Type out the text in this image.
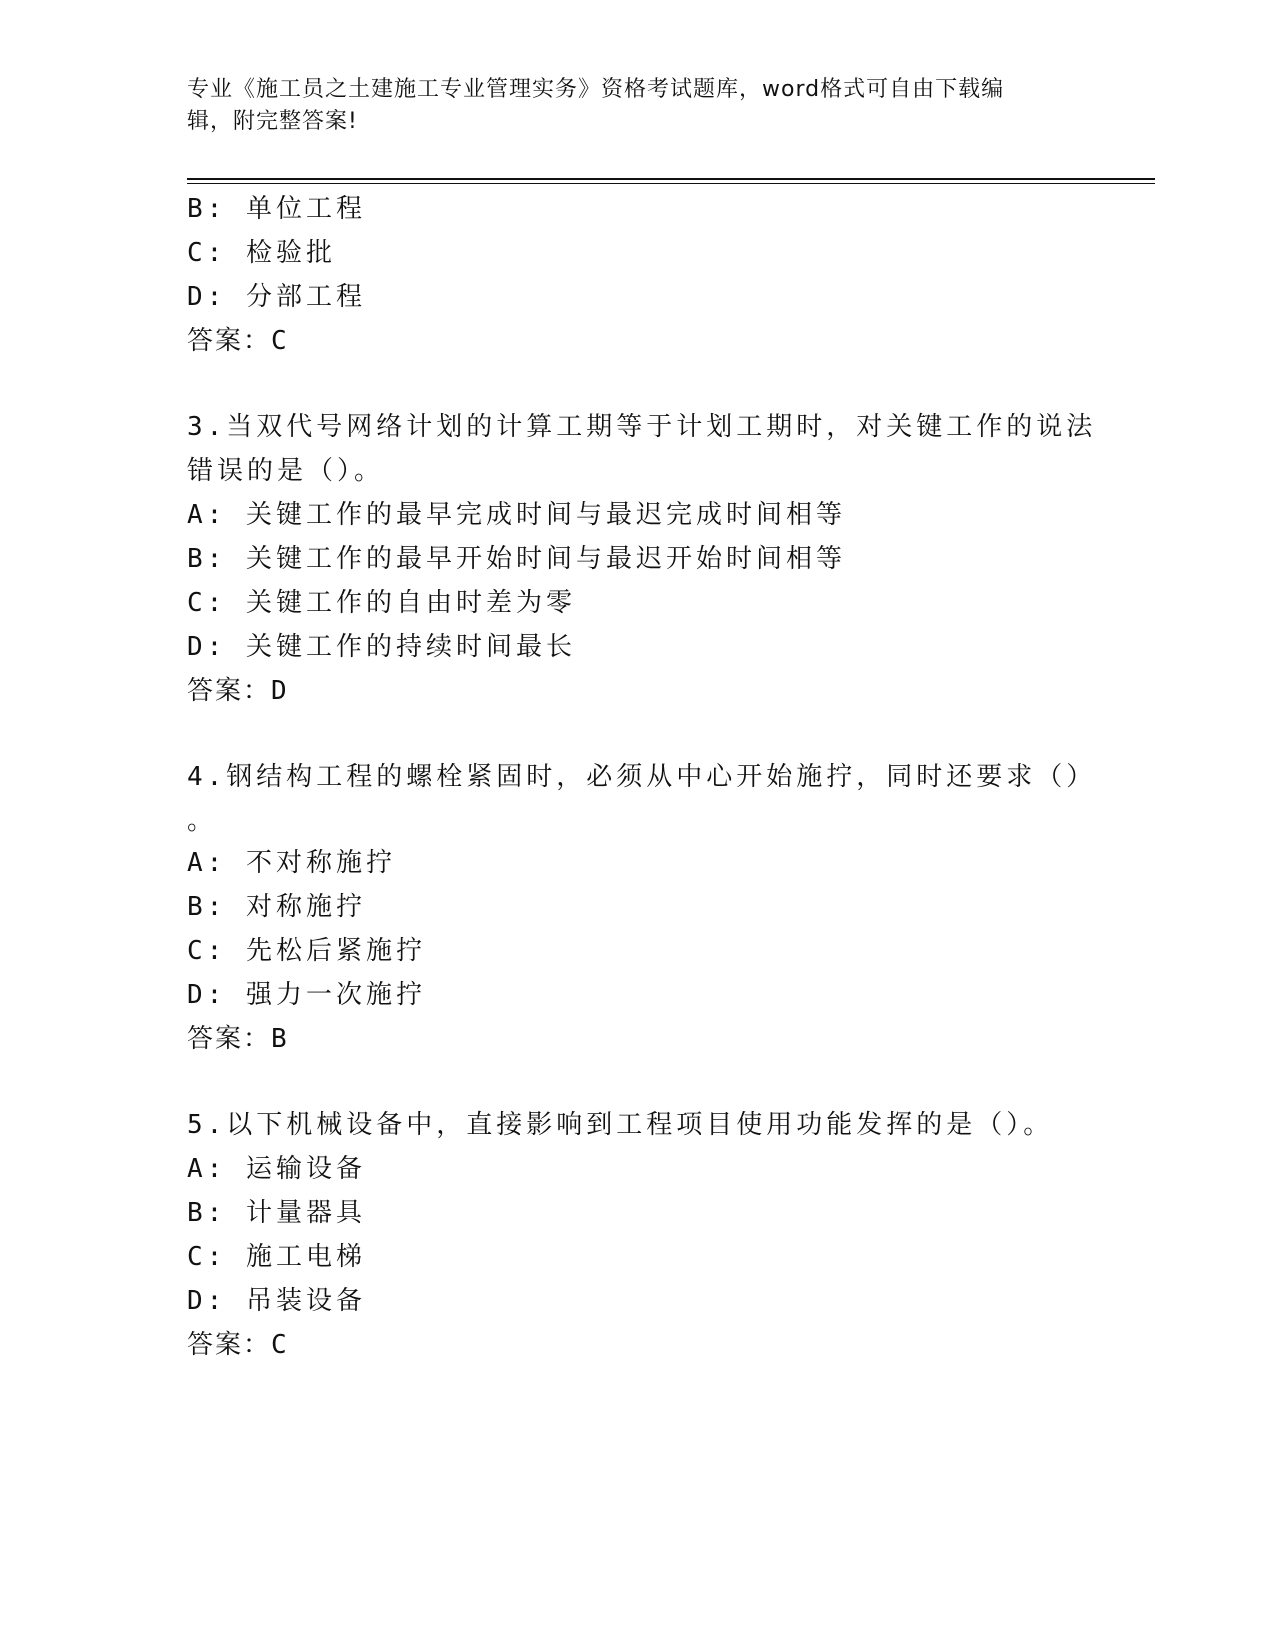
专业《施工员之土建施工专业管理实务》资格考试题库，word格式可自由下载编
辑，附完整答案!
B: 单位工程
C: 检验批
D: 分部工程
答案：C
3.当双代号网络计划的计算工期等于计划工期时，对关键工作的说法
错误的是（）。
A: 关键工作的最早完成时间与最迟完成时间相等
B: 关键工作的最早开始时间与最迟开始时间相等
C: 关键工作的自由时差为零
D: 关键工作的持续时间最长
答案：D
4.钢结构工程的螺栓紧固时，必须从中心开始施拧，同时还要求（）
。
A: 不对称施拧
B: 对称施拧
C: 先松后紧施拧
D: 强力一次施拧
答案：B
5.以下机械设备中，直接影响到工程项目使用功能发挥的是（）。
A: 运输设备
B: 计量器具
C: 施工电梯
D: 吊装设备
答案：C
